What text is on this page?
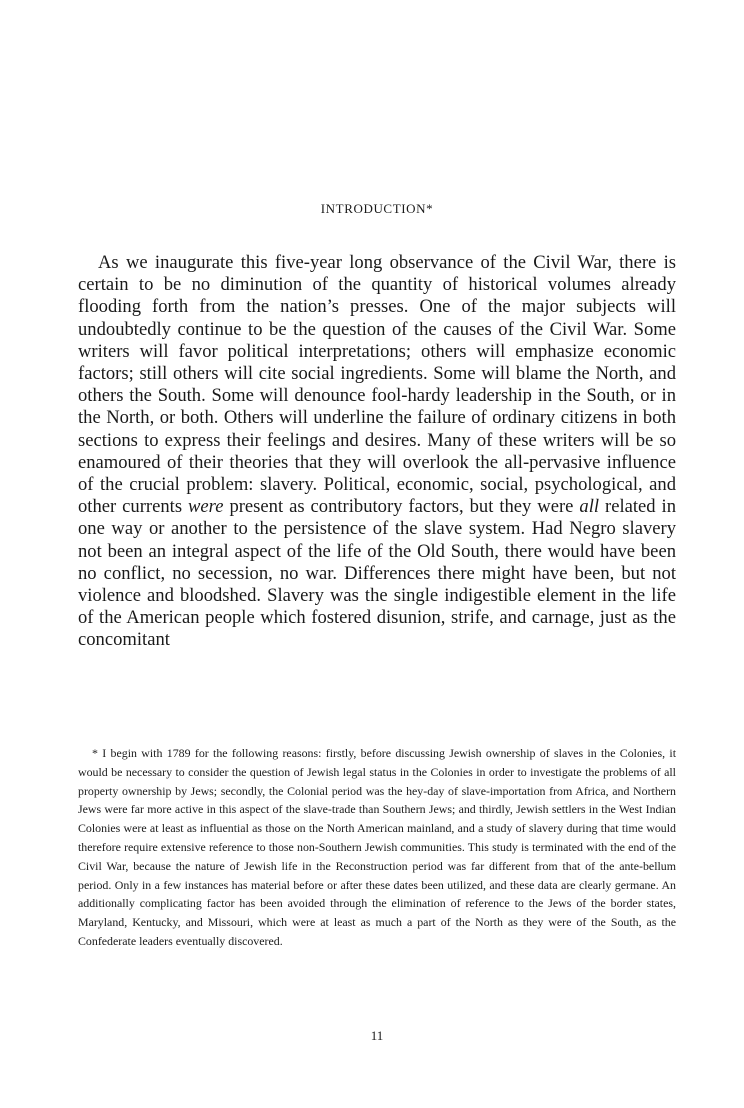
INTRODUCTION*

As we inaugurate this five-year long observance of the Civil War, there is certain to be no diminution of the quantity of historical volumes already flooding forth from the nation’s presses. One of the major subjects will undoubtedly continue to be the question of the causes of the Civil War. Some writers will favor political interpretations; others will emphasize economic factors; still others will cite social ingredients. Some will blame the North, and others the South. Some will denounce fool-hardy leadership in the South, or in the North, or both. Others will underline the failure of ordinary citizens in both sections to express their feelings and desires. Many of these writers will be so enamoured of their theories that they will overlook the all-pervasive influence of the crucial problem: slavery. Political, economic, social, psychological, and other currents were present as contributory factors, but they were all related in one way or another to the persistence of the slave system. Had Negro slavery not been an integral aspect of the life of the Old South, there would have been no conflict, no secession, no war. Differences there might have been, but not violence and bloodshed. Slavery was the single indigestible element in the life of the American people which fostered disunion, strife, and carnage, just as the concomitant

* I begin with 1789 for the following reasons: firstly, before discussing Jewish ownership of slaves in the Colonies, it would be necessary to consider the question of Jewish legal status in the Colonies in order to investigate the problems of all property ownership by Jews; secondly, the Colonial period was the hey-day of slave-importation from Africa, and Northern Jews were far more active in this aspect of the slave-trade than Southern Jews; and thirdly, Jewish settlers in the West Indian Colonies were at least as influential as those on the North American mainland, and a study of slavery during that time would therefore require extensive reference to those non-Southern Jewish communities. This study is terminated with the end of the Civil War, because the nature of Jewish life in the Reconstruction period was far different from that of the ante-bellum period. Only in a few instances has material before or after these dates been utilized, and these data are clearly germane. An additionally complicating factor has been avoided through the elimination of reference to the Jews of the border states, Maryland, Kentucky, and Missouri, which were at least as much a part of the North as they were of the South, as the Confederate leaders eventually discovered.

11
